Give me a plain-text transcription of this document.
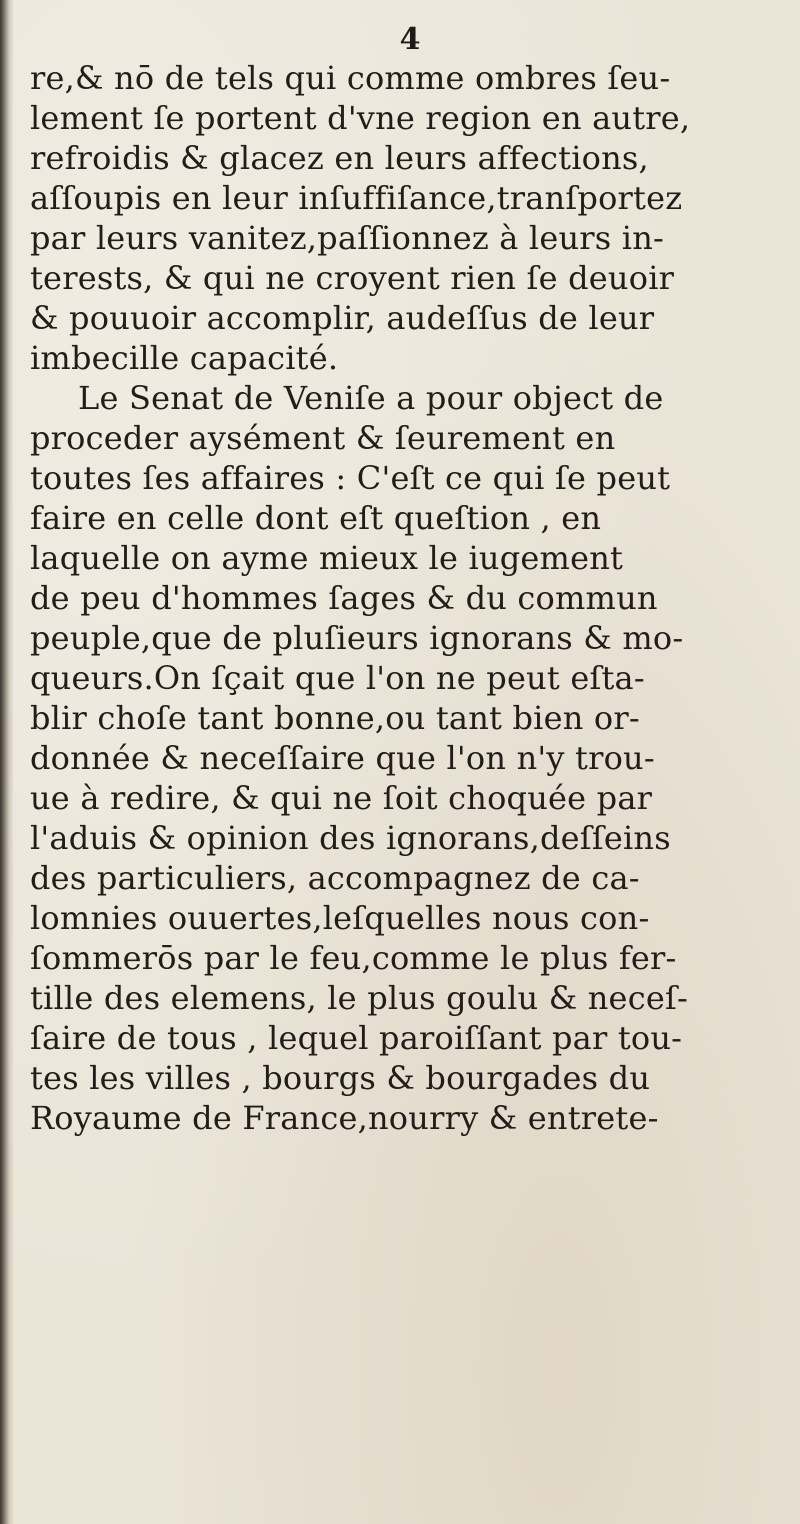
4
re,& nō de tels qui comme ombres ſeu-
lement ſe portent d'vne region en autre,
refroidis & glacez en leurs affections,
aſſoupis en leur inſuffiſance,tranſportez
par leurs vanitez,paſſionnez à leurs in-
terests, & qui ne croyent rien ſe deuoir
& pouuoir accomplir, audeſſus de leur
imbecille capacité.
Le Senat de Veniſe a pour object de
proceder aysément & ſeurement en
toutes ſes affaires : C'eſt ce qui ſe peut
faire en celle dont eſt queſtion , en
laquelle on ayme mieux le iugement
de peu d'hommes ſages & du commun
peuple,que de pluſieurs ignorans & mo-
queurs.On ſçait que l'on ne peut eſta-
blir choſe tant bonne,ou tant bien or-
donnée & neceſſaire que l'on n'y trou-
ue à redire, & qui ne ſoit choquée par
l'aduis & opinion des ignorans,deſſeins
des particuliers, accompagnez de ca-
lomnies ouuertes,leſquelles nous con-
ſommerōs par le feu,comme le plus fer-
tille des elemens, le plus goulu & neceſ-
ſaire de tous , lequel paroiſſant par tou-
tes les villes , bourgs & bourgades du
Royaume de France,nourry & entrete-
